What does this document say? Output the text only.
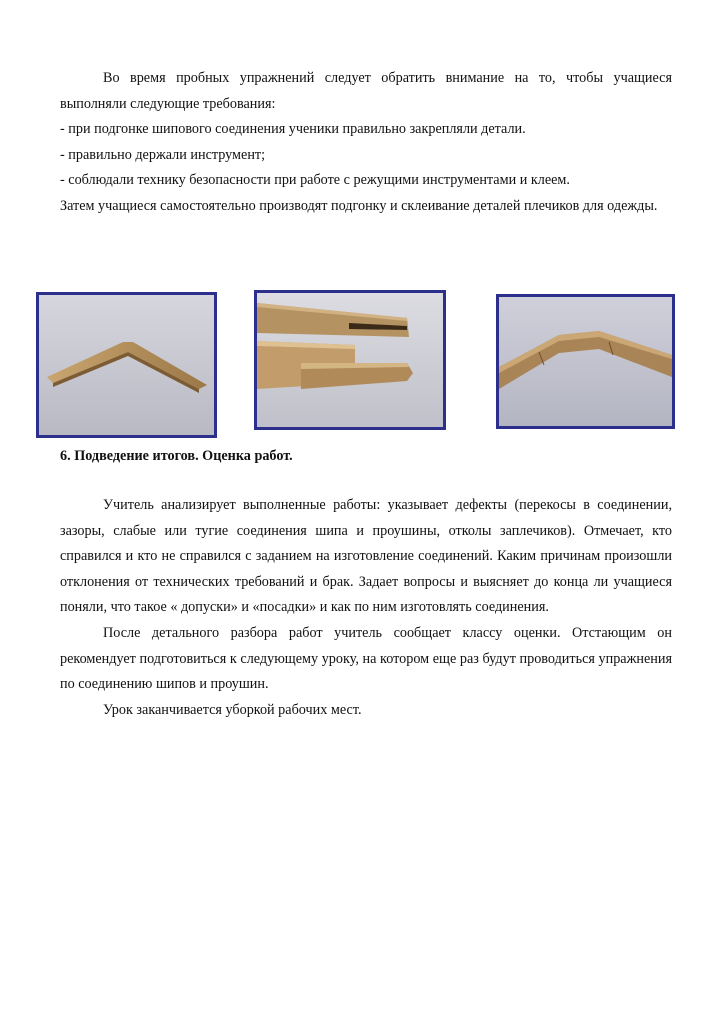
Во время пробных упражнений следует обратить внимание на то, чтобы учащиеся выполняли следующие требования:

- при подгонке шипового соединения ученики правильно закрепляли детали.

- правильно держали инструмент;

- соблюдали технику безопасности при работе с режущими инструментами и клеем.

Затем учащиеся самостоятельно производят подгонку и склеивание деталей плечиков для одежды.

6. Подведение итогов. Оценка работ.

Учитель анализирует выполненные работы: указывает дефекты (перекосы в соединении, зазоры, слабые или тугие соединения шипа и проушины, отколы заплечиков). Отмечает, кто справился и кто не справился с заданием на изготовление соединений. Каким причинам произошли отклонения от технических требований и брак. Задает вопросы и выясняет до конца ли учащиеся поняли, что такое « допуски» и «посадки» и как по ним изготовлять соединения.

После детального разбора работ учитель сообщает классу оценки. Отстающим он рекомендует подготовиться к следующему уроку, на котором еще раз будут проводиться упражнения по соединению шипов и проушин.

Урок заканчивается уборкой рабочих мест.
